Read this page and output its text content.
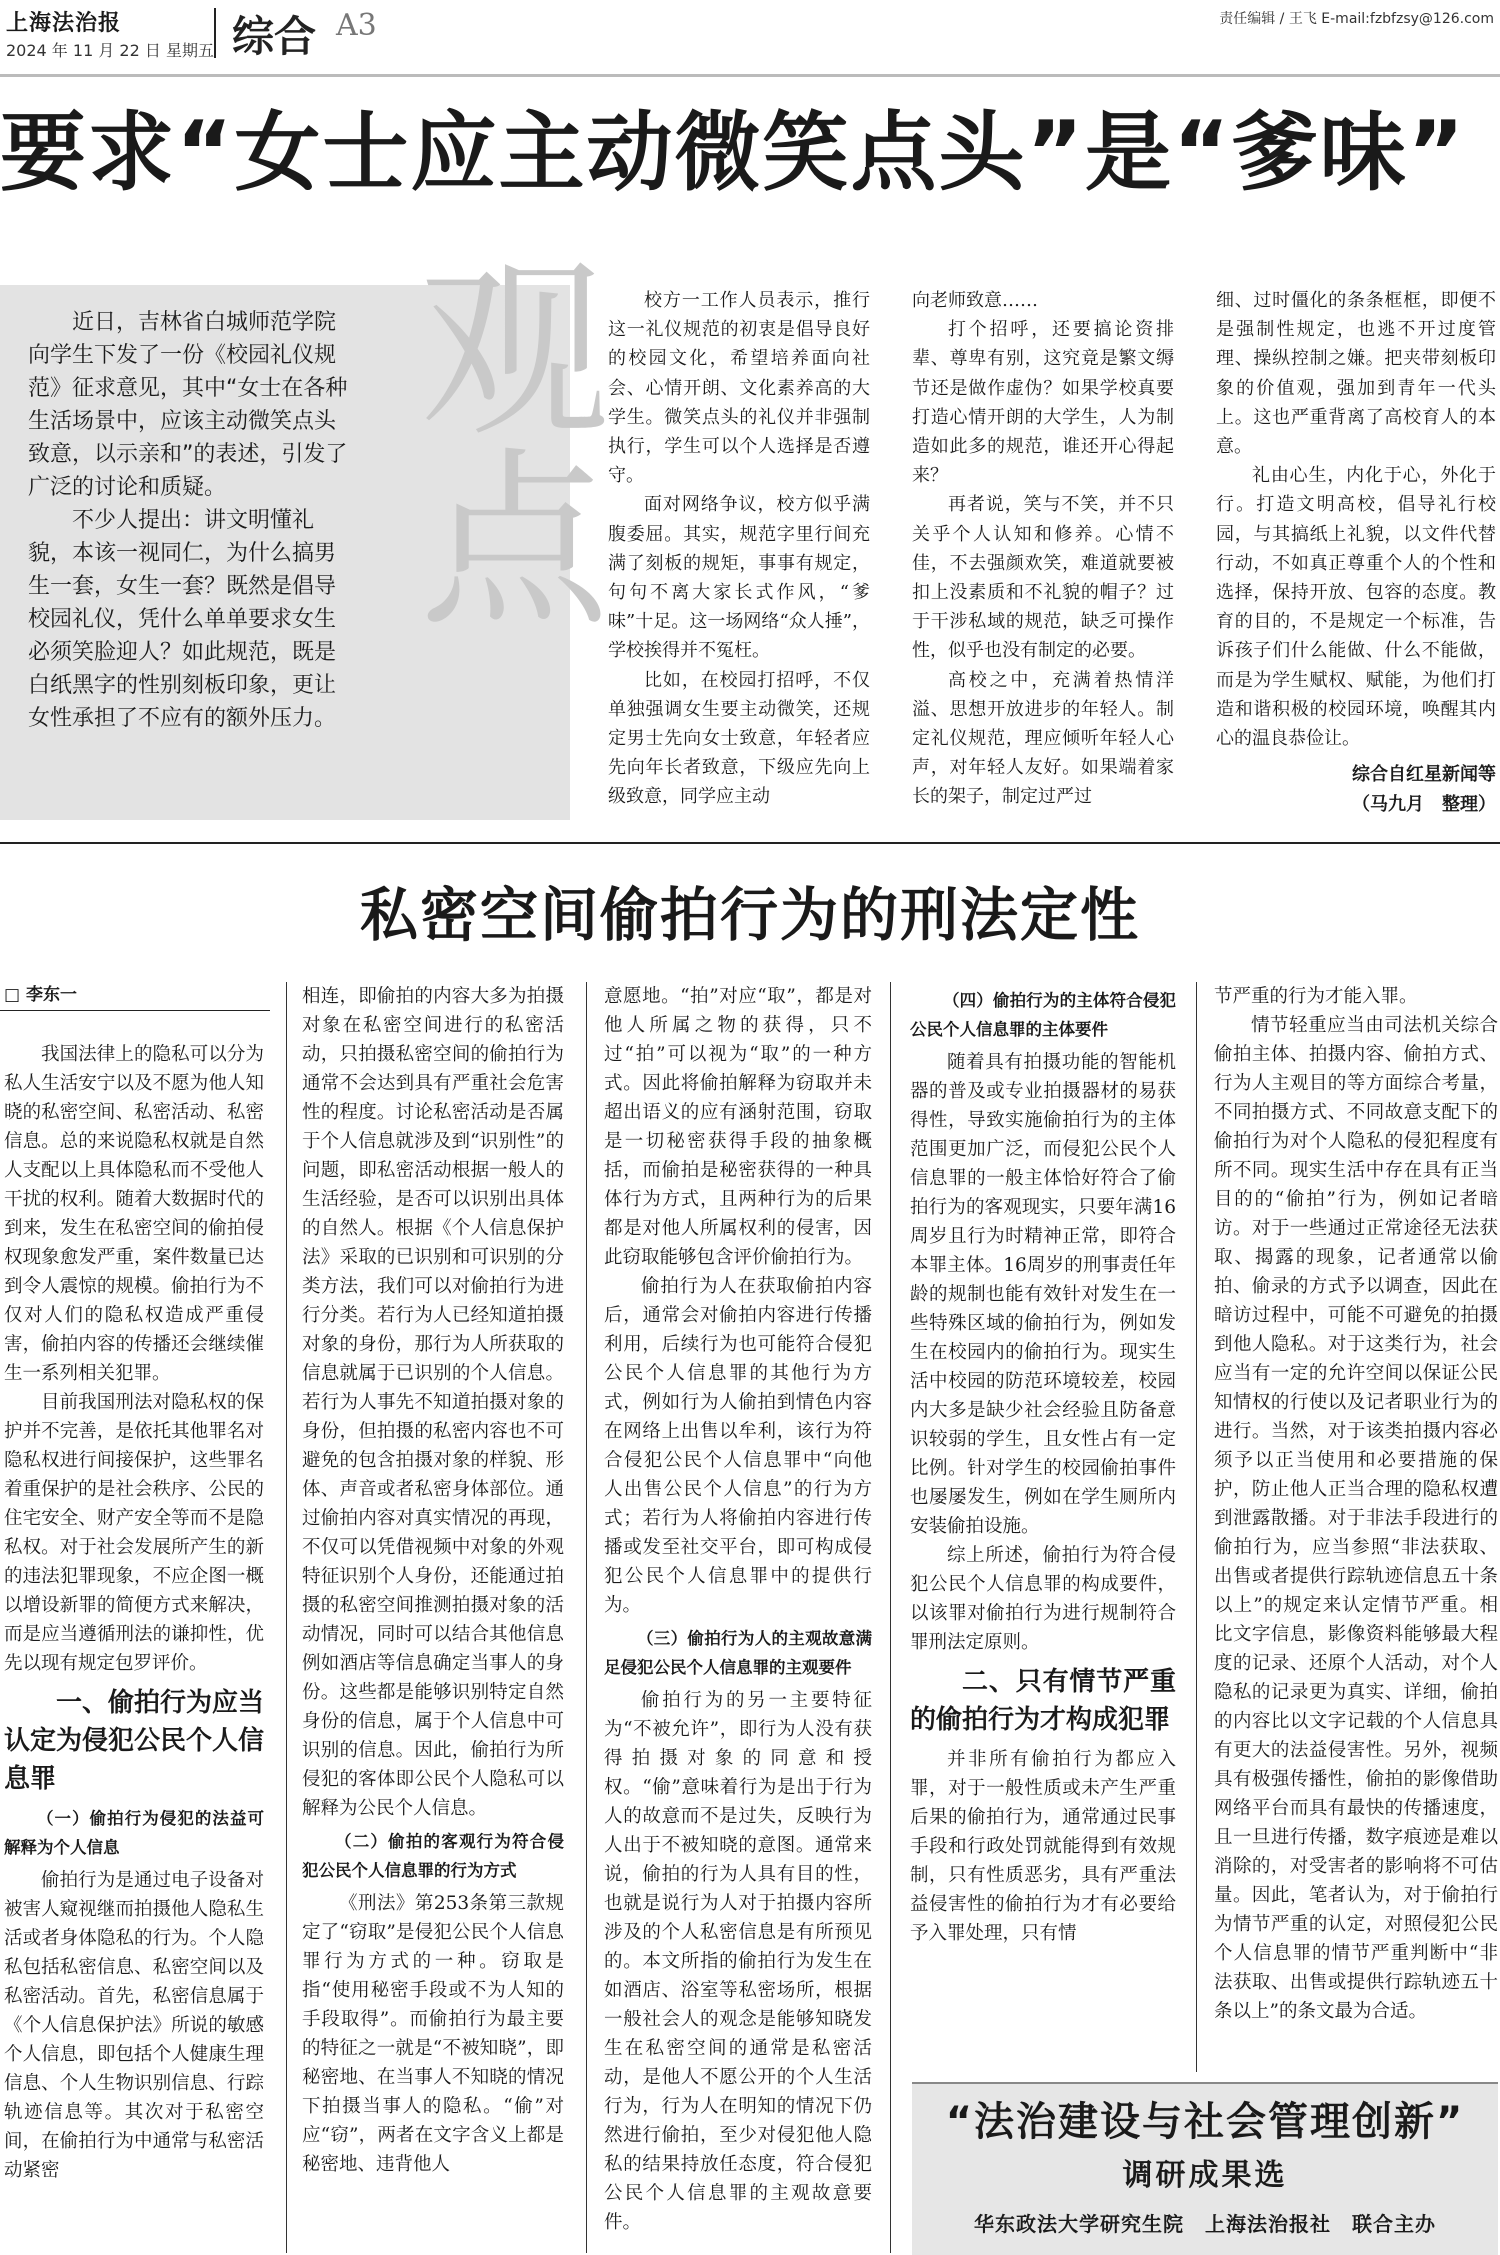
上海法治报
2024 年 11 月 22 日 星期五 综合 A3	责任编辑 / 王飞 E-mail:fzbfzsy@126.com
要求“女士应主动微笑点头”是“爹味”
观点

近日，吉林省白城师范学院向学生下发了一份《校园礼仪规范》征求意见，其中“女士在各种生活场景中，应该主动微笑点头致意，以示亲和”的表述，引发了广泛的讨论和质疑。

不少人提出：讲文明懂礼貌，本该一视同仁，为什么搞男生一套，女生一套？既然是倡导校园礼仪，凭什么单单要求女生必须笑脸迎人？如此规范，既是白纸黑字的性别刻板印象，更让女性承担了不应有的额外压力。

校方一工作人员表示，推行这一礼仪规范的初衷是倡导良好的校园文化，希望培养面向社会、心情开朗、文化素养高的大学生。微笑点头的礼仪并非强制执行，学生可以个人选择是否遵守。

面对网络争议，校方似乎满腹委屈。其实，规范字里行间充满了刻板的规矩，事事有规定，句句不离大家长式作风，“爹味”十足。这一场网络“众人捶”，学校挨得并不冤枉。

比如，在校园打招呼，不仅单独强调女生要主动微笑，还规定男士先向女士致意，年轻者应先向年长者致意，下级应先向上级致意，同学应主动

向老师致意……

打个招呼，还要搞论资排辈、尊卑有别，这究竟是繁文缛节还是做作虚伪？如果学校真要打造心情开朗的大学生，人为制造如此多的规范，谁还开心得起来？

再者说，笑与不笑，并不只关乎个人认知和修养。心情不佳，不去强颜欢笑，难道就要被扣上没素质和不礼貌的帽子？过于干涉私域的规范，缺乏可操作性，似乎也没有制定的必要。

高校之中，充满着热情洋溢、思想开放进步的年轻人。制定礼仪规范，理应倾听年轻人心声，对年轻人友好。如果端着家长的架子，制定过严过

细、过时僵化的条条框框，即便不是强制性规定，也逃不开过度管理、操纵控制之嫌。把夹带刻板印象的价值观，强加到青年一代头上。这也严重背离了高校育人的本意。

礼由心生，内化于心，外化于行。打造文明高校，倡导礼行校园，与其搞纸上礼貌，以文件代替行动，不如真正尊重个人的个性和选择，保持开放、包容的态度。教育的目的，不是规定一个标准，告诉孩子们什么能做、什么不能做，而是为学生赋权、赋能，为他们打造和谐积极的校园环境，唤醒其内心的温良恭俭让。

综合自红星新闻等
（马九月　整理）
私密空间偷拍行为的刑法定性
□ 李东一

我国法律上的隐私可以分为私人生活安宁以及不愿为他人知晓的私密空间、私密活动、私密信息。总的来说隐私权就是自然人支配以上具体隐私而不受他人干扰的权利。随着大数据时代的到来，发生在私密空间的偷拍侵权现象愈发严重，案件数量已达到令人震惊的规模。偷拍行为不仅对人们的隐私权造成严重侵害，偷拍内容的传播还会继续催生一系列相关犯罪。

目前我国刑法对隐私权的保护并不完善，是依托其他罪名对隐私权进行间接保护，这些罪名着重保护的是社会秩序、公民的住宅安全、财产安全等而不是隐私权。对于社会发展所产生的新的违法犯罪现象，不应企图一概以增设新罪的简便方式来解决，而是应当遵循刑法的谦抑性，优先以现有规定包罗评价。

一、偷拍行为应当认定为侵犯公民个人信息罪
（一）偷拍行为侵犯的法益可解释为个人信息

偷拍行为是通过电子设备对被害人窥视继而拍摄他人隐私生活或者身体隐私的行为。个人隐私包括私密信息、私密空间以及私密活动。首先，私密信息属于《个人信息保护法》所说的敏感个人信息，即包括个人健康生理信息、个人生物识别信息、行踪轨迹信息等。其次对于私密空间，在偷拍行为中通常与私密活动紧密

相连，即偷拍的内容大多为拍摄对象在私密空间进行的私密活动，只拍摄私密空间的偷拍行为通常不会达到具有严重社会危害性的程度。讨论私密活动是否属于个人信息就涉及到“识别性”的问题，即私密活动根据一般人的生活经验，是否可以识别出具体的自然人。根据《个人信息保护法》采取的已识别和可识别的分类方法，我们可以对偷拍行为进行分类。若行为人已经知道拍摄对象的身份，那行为人所获取的信息就属于已识别的个人信息。若行为人事先不知道拍摄对象的身份，但拍摄的私密内容也不可避免的包含拍摄对象的样貌、形体、声音或者私密身体部位。通过偷拍内容对真实情况的再现，不仅可以凭借视频中对象的外观特征识别个人身份，还能通过拍摄的私密空间推测拍摄对象的活动情况，同时可以结合其他信息例如酒店等信息确定当事人的身份。这些都是能够识别特定自然身份的信息，属于个人信息中可识别的信息。因此，偷拍行为所侵犯的客体即公民个人隐私可以解释为公民个人信息。

（二）偷拍的客观行为符合侵犯公民个人信息罪的行为方式

《刑法》第253条第三款规定了“窃取”是侵犯公民个人信息罪行为方式的一种。窃取是指“使用秘密手段或不为人知的手段取得”。而偷拍行为最主要的特征之一就是“不被知晓”，即秘密地、在当事人不知晓的情况下拍摄当事人的隐私。“偷”对应“窃”，两者在文字含义上都是秘密地、违背他人

意愿地。“拍”对应“取”，都是对他人所属之物的获得，只不过“拍”可以视为“取”的一种方式。因此将偷拍解释为窃取并未超出语义的应有涵射范围，窃取是一切秘密获得手段的抽象概括，而偷拍是秘密获得的一种具体行为方式，且两种行为的后果都是对他人所属权利的侵害，因此窃取能够包含评价偷拍行为。

偷拍行为人在获取偷拍内容后，通常会对偷拍内容进行传播利用，后续行为也可能符合侵犯公民个人信息罪的其他行为方式，例如行为人偷拍到情色内容在网络上出售以牟利，该行为符合侵犯公民个人信息罪中“向他人出售公民个人信息”的行为方式；若行为人将偷拍内容进行传播或发至社交平台，即可构成侵犯公民个人信息罪中的提供行为。

（三）偷拍行为人的主观故意满足侵犯公民个人信息罪的主观要件

偷拍行为的另一主要特征为“不被允许”，即行为人没有获得拍摄对象的同意和授权。“偷”意味着行为是出于行为人的故意而不是过失，反映行为人出于不被知晓的意图。通常来说，偷拍的行为人具有目的性，也就是说行为人对于拍摄内容所涉及的个人私密信息是有所预见的。本文所指的偷拍行为发生在如酒店、浴室等私密场所，根据一般社会人的观念是能够知晓发生在私密空间的通常是私密活动，是他人不愿公开的个人生活行为，行为人在明知的情况下仍然进行偷拍，至少对侵犯他人隐私的结果持放任态度，符合侵犯公民个人信息罪的主观故意要件。

（四）偷拍行为的主体符合侵犯公民个人信息罪的主体要件

随着具有拍摄功能的智能机器的普及或专业拍摄器材的易获得性，导致实施偷拍行为的主体范围更加广泛，而侵犯公民个人信息罪的一般主体恰好符合了偷拍行为的客观现实，只要年满16周岁且行为时精神正常，即符合本罪主体。16周岁的刑事责任年龄的规制也能有效针对发生在一些特殊区域的偷拍行为，例如发生在校园内的偷拍行为。现实生活中校园的防范环境较差，校园内大多是缺少社会经验且防备意识较弱的学生，且女性占有一定比例。针对学生的校园偷拍事件也屡屡发生，例如在学生厕所内安装偷拍设施。

综上所述，偷拍行为符合侵犯公民个人信息罪的构成要件，以该罪对偷拍行为进行规制符合罪刑法定原则。

二、只有情节严重的偷拍行为才构成犯罪

并非所有偷拍行为都应入罪，对于一般性质或未产生严重后果的偷拍行为，通常通过民事手段和行政处罚就能得到有效规制，只有性质恶劣，具有严重法益侵害性的偷拍行为才有必要给予入罪处理，只有情

节严重的行为才能入罪。

情节轻重应当由司法机关综合偷拍主体、拍摄内容、偷拍方式、行为人主观目的等方面综合考量，不同拍摄方式、不同故意支配下的偷拍行为对个人隐私的侵犯程度有所不同。现实生活中存在具有正当目的的“偷拍”行为，例如记者暗访。对于一些通过正常途径无法获取、揭露的现象，记者通常以偷拍、偷录的方式予以调查，因此在暗访过程中，可能不可避免的拍摄到他人隐私。对于这类行为，社会应当有一定的允许空间以保证公民知情权的行使以及记者职业行为的进行。当然，对于该类拍摄内容必须予以正当使用和必要措施的保护，防止他人正当合理的隐私权遭到泄露散播。对于非法手段进行的偷拍行为，应当参照“非法获取、出售或者提供行踪轨迹信息五十条以上”的规定来认定情节严重。相比文字信息，影像资料能够最大程度的记录、还原个人活动，对个人隐私的记录更为真实、详细，偷拍的内容比以文字记载的个人信息具有更大的法益侵害性。另外，视频具有极强传播性，偷拍的影像借助网络平台而具有最快的传播速度，且一旦进行传播，数字痕迹是难以消除的，对受害者的影响将不可估量。因此，笔者认为，对于偷拍行为情节严重的认定，对照侵犯公民个人信息罪的情节严重判断中“非法获取、出售或提供行踪轨迹五十条以上”的条文最为合适。

“法治建设与社会管理创新”
调研成果选
华东政法大学研究生院　上海法治报社　联合主办
